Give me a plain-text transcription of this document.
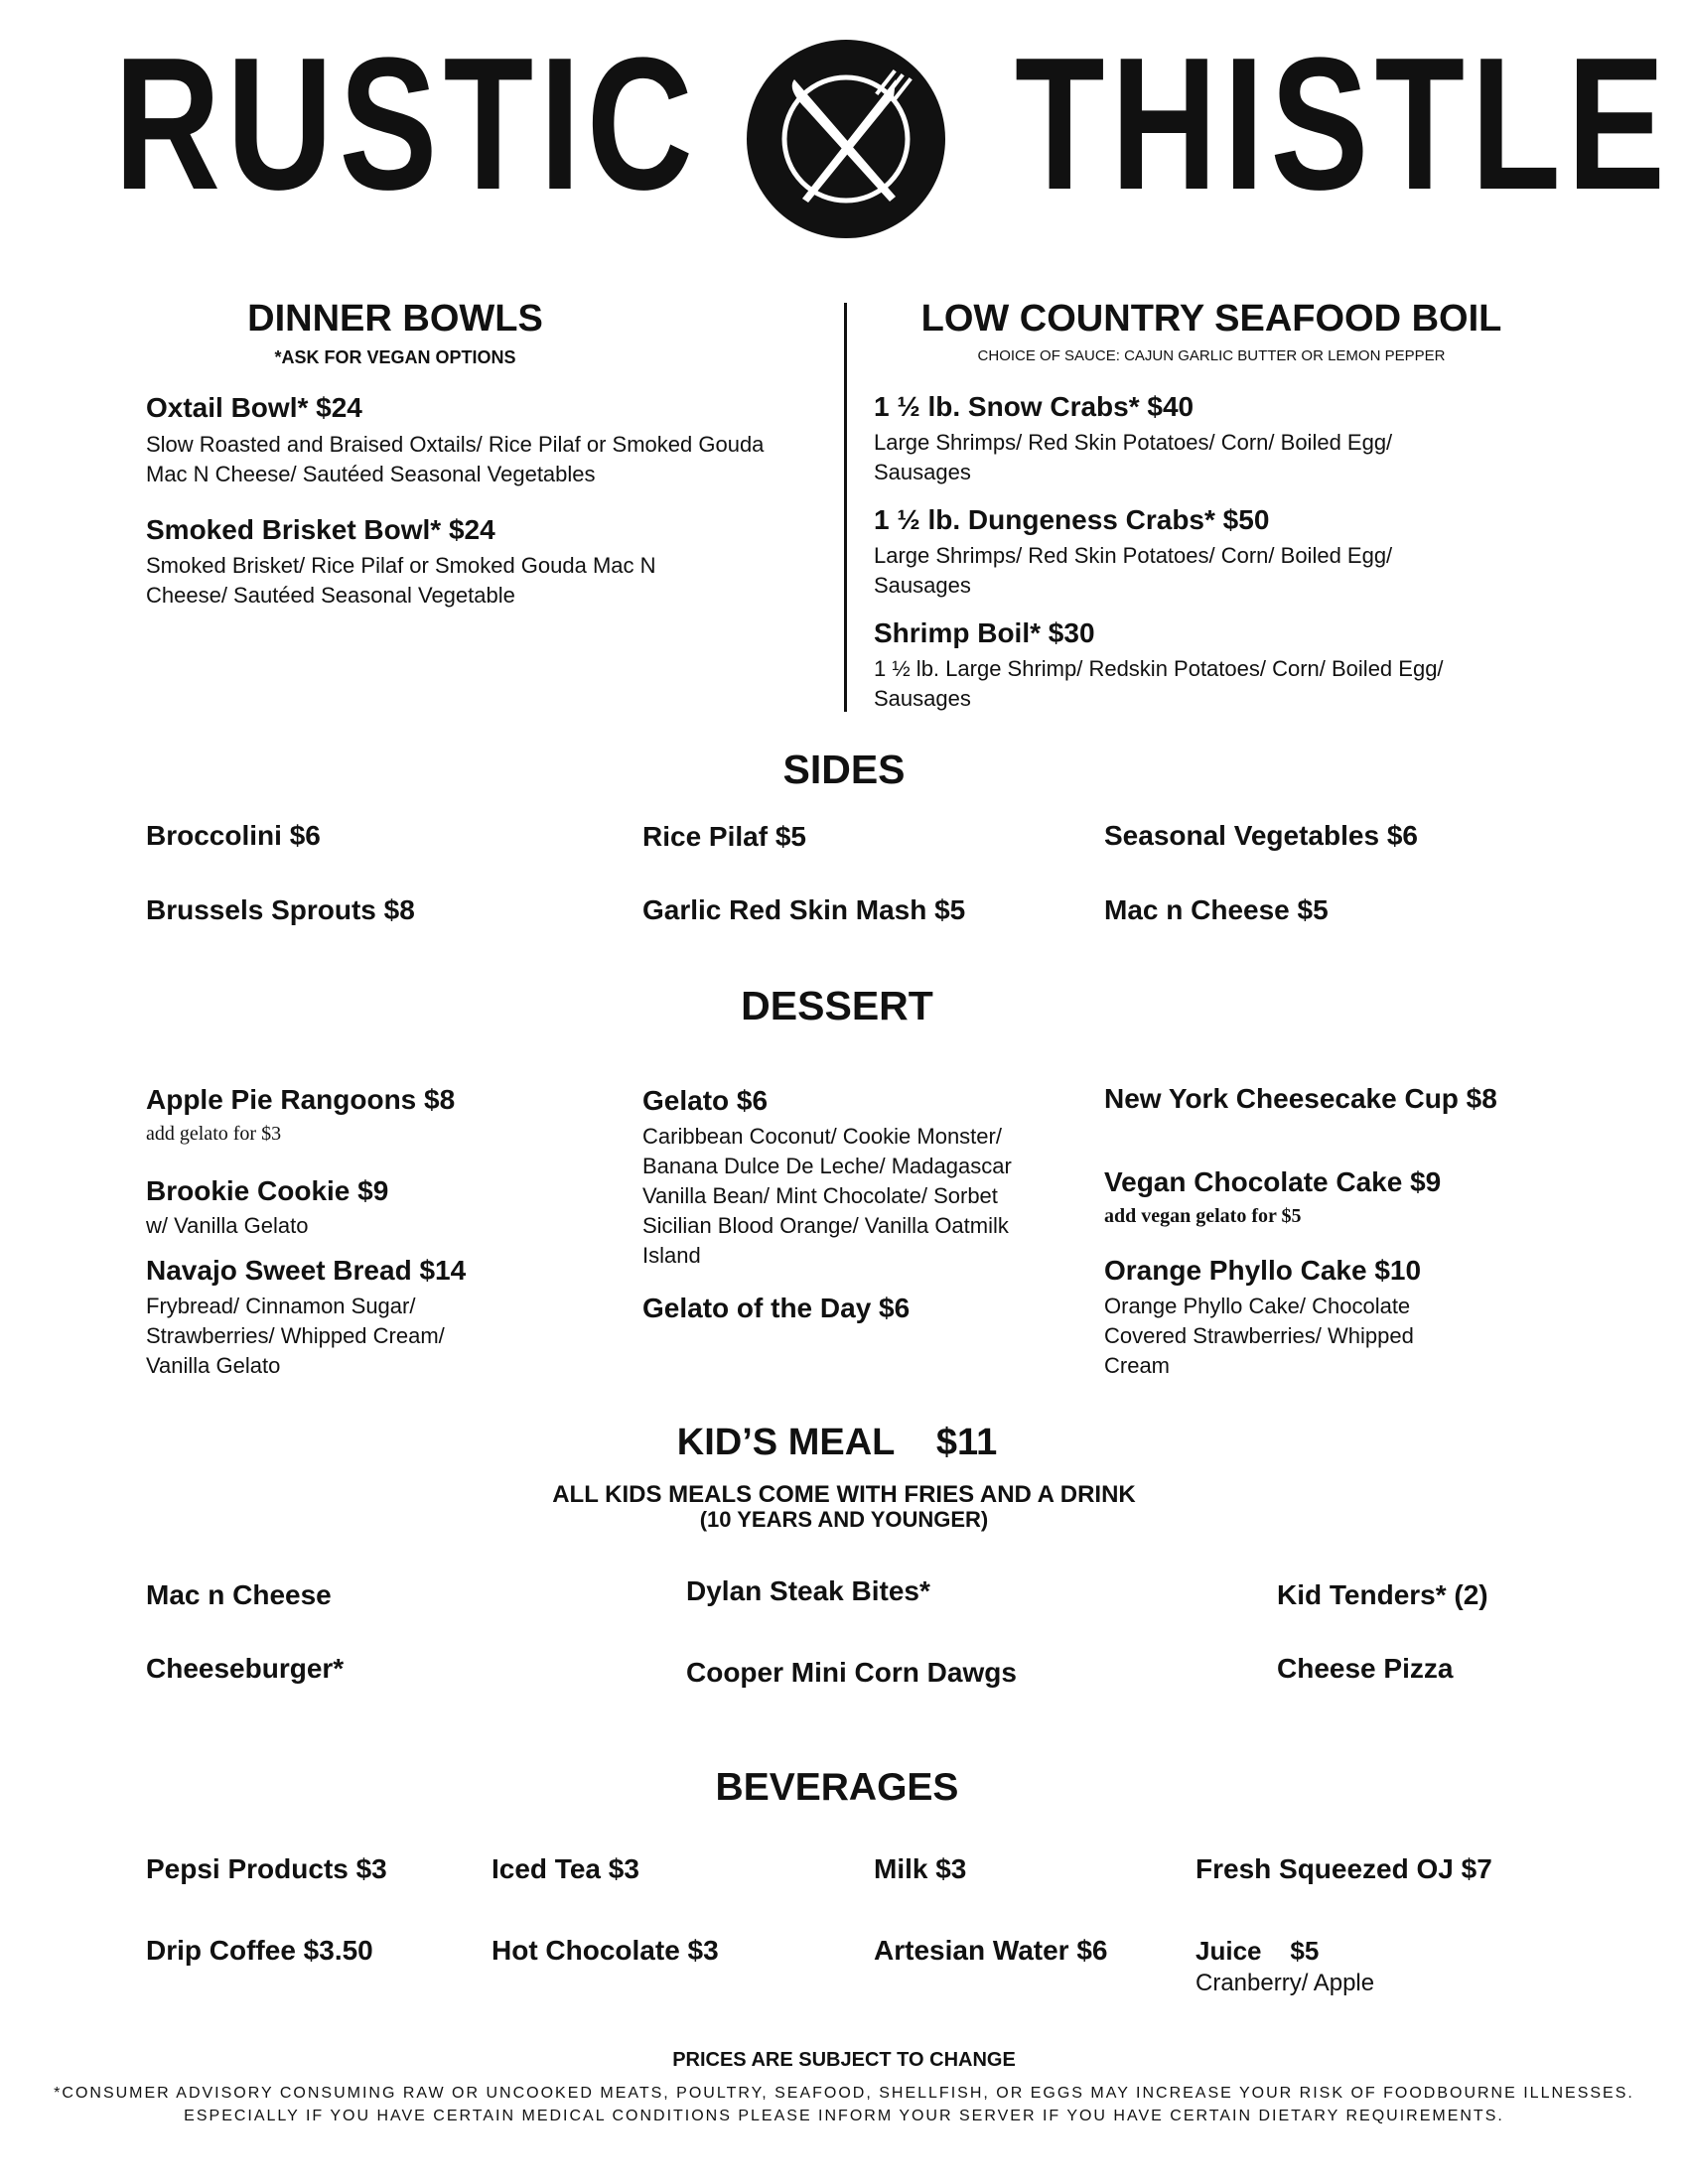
RUSTIC THISTLE
DINNER BOWLS
*ASK FOR VEGAN OPTIONS
Oxtail Bowl* $24
Slow Roasted and Braised Oxtails/ Rice Pilaf or Smoked Gouda Mac N Cheese/ Sautéed Seasonal Vegetables
Smoked Brisket Bowl* $24
Smoked Brisket/ Rice Pilaf or Smoked Gouda Mac N Cheese/ Sautéed Seasonal Vegetable
LOW COUNTRY SEAFOOD BOIL
CHOICE OF SAUCE: CAJUN GARLIC BUTTER OR LEMON PEPPER
1 ½ lb. Snow Crabs* $40
Large Shrimps/ Red Skin Potatoes/ Corn/ Boiled Egg/ Sausages
1 ½ lb. Dungeness Crabs* $50
Large Shrimps/ Red Skin Potatoes/ Corn/ Boiled Egg/ Sausages
Shrimp Boil* $30
1 ½ lb. Large Shrimp/ Redskin Potatoes/ Corn/ Boiled Egg/ Sausages
SIDES
Broccolini $6	Rice Pilaf $5	Seasonal Vegetables $6
Brussels Sprouts $8	Garlic Red Skin Mash $5	Mac n Cheese $5
DESSERT
Apple Pie Rangoons $8
add gelato for $3
Brookie Cookie $9
w/ Vanilla Gelato
Navajo Sweet Bread $14
Frybread/ Cinnamon Sugar/ Strawberries/ Whipped Cream/ Vanilla Gelato
Gelato $6
Caribbean Coconut/ Cookie Monster/ Banana Dulce De Leche/ Madagascar Vanilla Bean/ Mint Chocolate/ Sorbet Sicilian Blood Orange/ Vanilla Oatmilk Island
Gelato of the Day $6
New York Cheesecake Cup $8
Vegan Chocolate Cake $9
add vegan gelato for $5
Orange Phyllo Cake $10
Orange Phyllo Cake/ Chocolate Covered Strawberries/ Whipped Cream
KID’S MEAL    $11
ALL KIDS MEALS COME WITH FRIES AND A DRINK
(10 YEARS AND YOUNGER)
Mac n Cheese	Dylan Steak Bites*	Kid Tenders* (2)
Cheeseburger*	Cooper Mini Corn Dawgs	Cheese Pizza
BEVERAGES
Pepsi Products $3	Iced Tea $3	Milk $3	Fresh Squeezed OJ $7
Drip Coffee $3.50	Hot Chocolate $3	Artesian Water $6	Juice    $5
Cranberry/ Apple
PRICES ARE SUBJECT TO CHANGE
*CONSUMER ADVISORY CONSUMING RAW OR UNCOOKED MEATS, POULTRY, SEAFOOD, SHELLFISH, OR EGGS MAY INCREASE YOUR RISK OF FOODBOURNE ILLNESSES.
ESPECIALLY IF YOU HAVE CERTAIN MEDICAL CONDITIONS PLEASE INFORM YOUR SERVER IF YOU HAVE CERTAIN DIETARY REQUIREMENTS.
